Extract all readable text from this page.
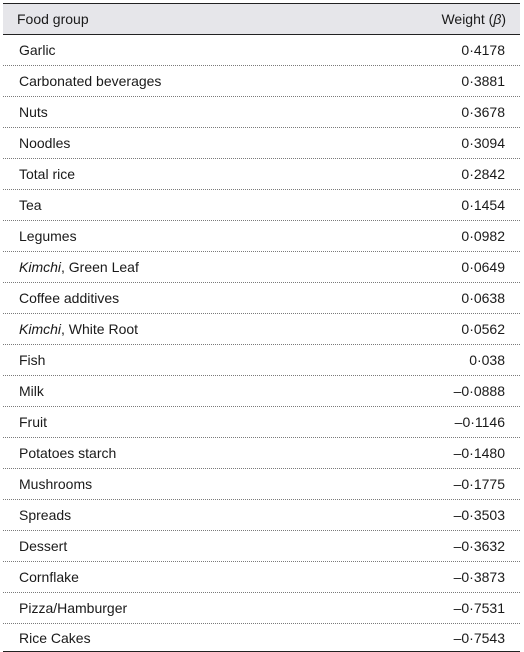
Food group	Weight (β)
Garlic	0·4178
Carbonated beverages	0·3881
Nuts	0·3678
Noodles	0·3094
Total rice	0·2842
Tea	0·1454
Legumes	0·0982
Kimchi, Green Leaf	0·0649
Coffee additives	0·0638
Kimchi, White Root	0·0562
Fish	0·038
Milk	–0·0888
Fruit	–0·1146
Potatoes starch	–0·1480
Mushrooms	–0·1775
Spreads	–0·3503
Dessert	–0·3632
Cornflake	–0·3873
Pizza/Hamburger	–0·7531
Rice Cakes	–0·7543
